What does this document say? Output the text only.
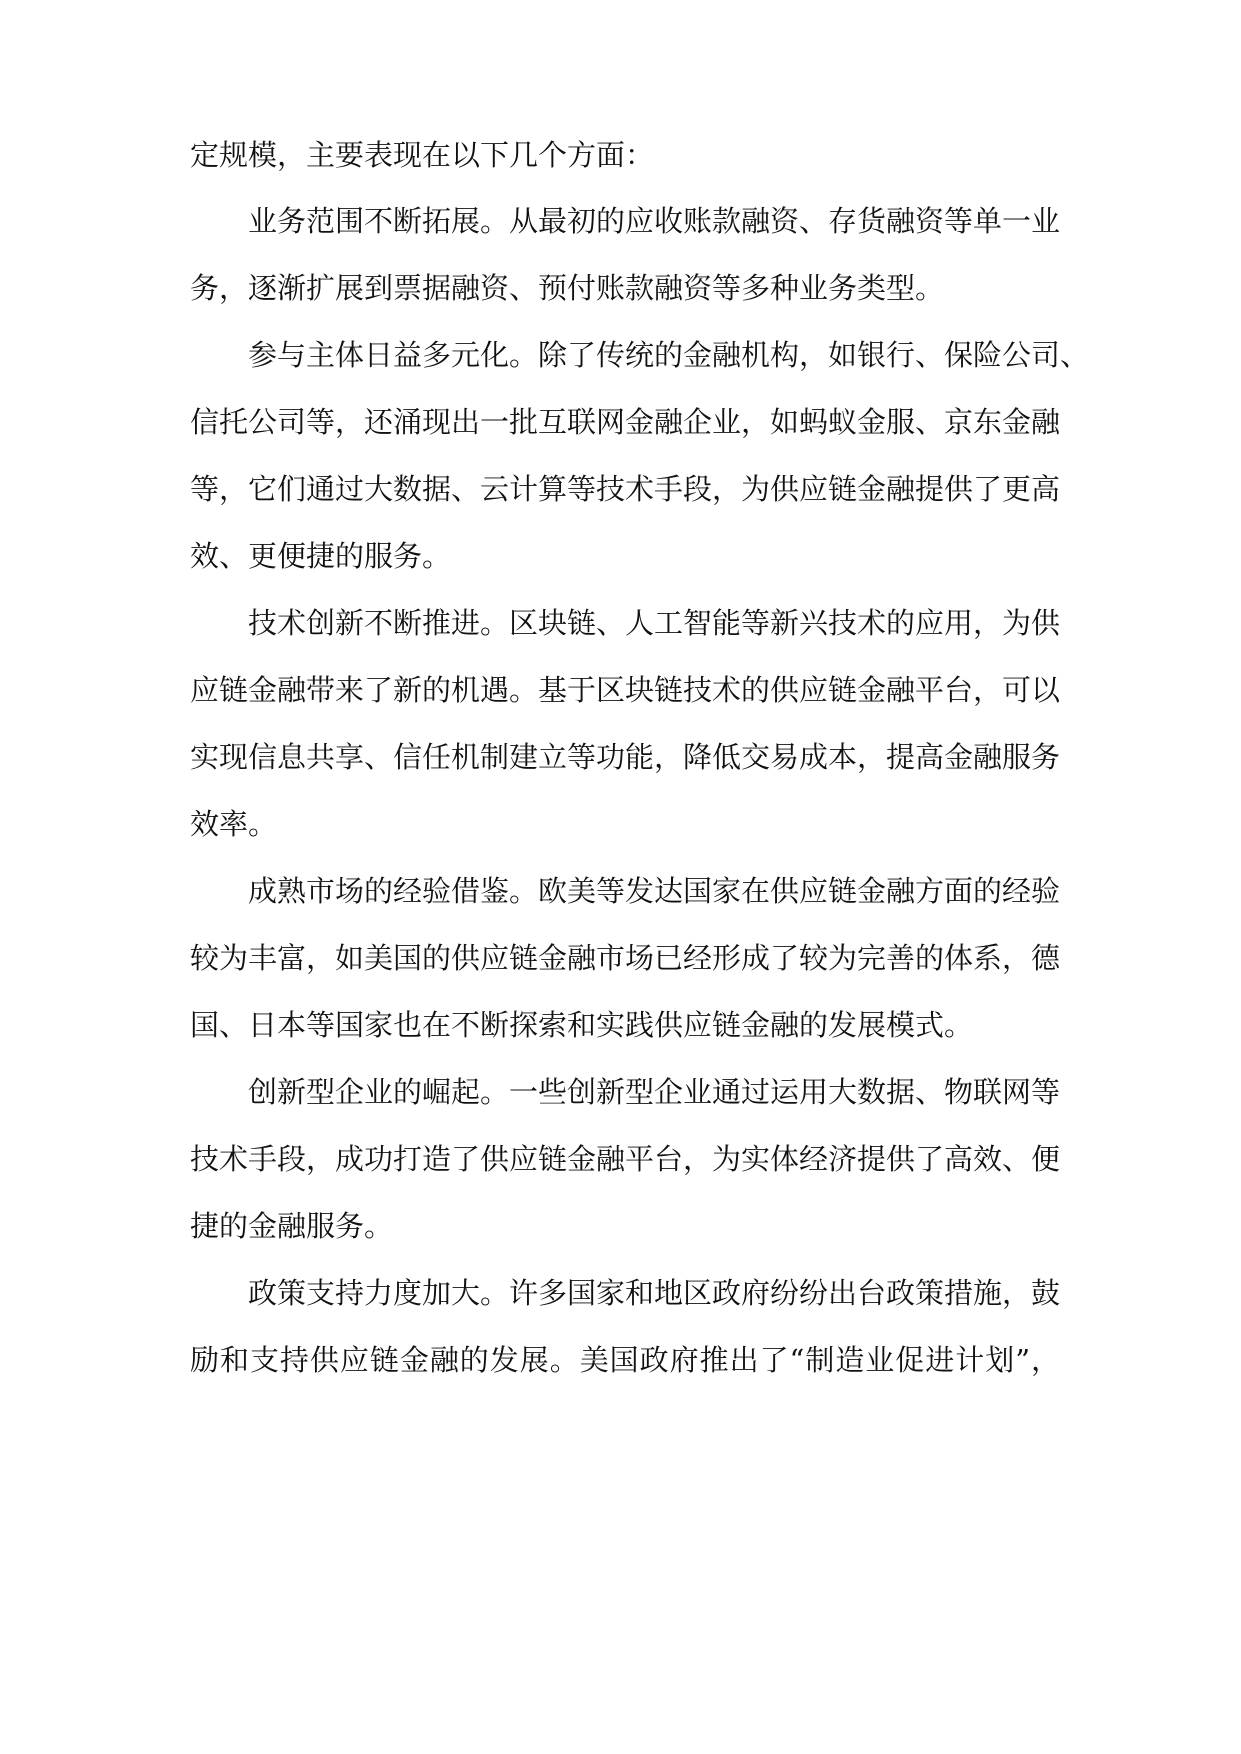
定规模，主要表现在以下几个方面：
业务范围不断拓展。从最初的应收账款融资、存货融资等单一业
务，逐渐扩展到票据融资、预付账款融资等多种业务类型。
参与主体日益多元化。除了传统的金融机构，如银行、保险公司、
信托公司等，还涌现出一批互联网金融企业，如蚂蚁金服、京东金融
等，它们通过大数据、云计算等技术手段，为供应链金融提供了更高
效、更便捷的服务。
技术创新不断推进。区块链、人工智能等新兴技术的应用，为供
应链金融带来了新的机遇。基于区块链技术的供应链金融平台，可以
实现信息共享、信任机制建立等功能，降低交易成本，提高金融服务
效率。
成熟市场的经验借鉴。欧美等发达国家在供应链金融方面的经验
较为丰富，如美国的供应链金融市场已经形成了较为完善的体系，德
国、日本等国家也在不断探索和实践供应链金融的发展模式。
创新型企业的崛起。一些创新型企业通过运用大数据、物联网等
技术手段，成功打造了供应链金融平台，为实体经济提供了高效、便
捷的金融服务。
政策支持力度加大。许多国家和地区政府纷纷出台政策措施，鼓
励和支持供应链金融的发展。美国政府推出了“制造业促进计划”，
